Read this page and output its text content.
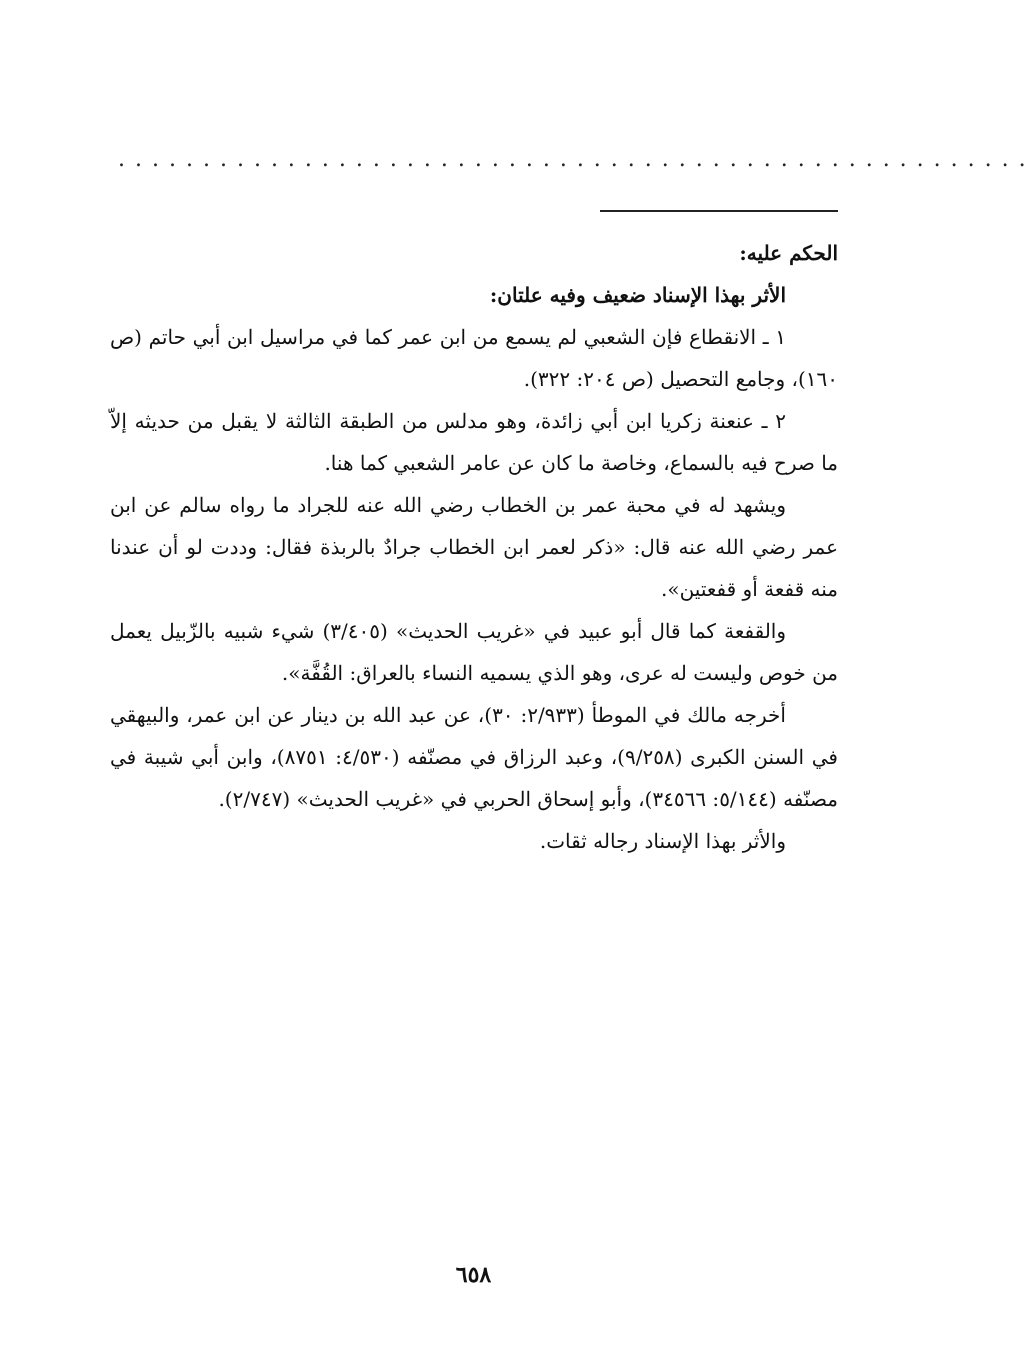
......................................................

الحكم عليه:

الأثر بهذا الإسناد ضعيف وفيه علتان:

١ ـ الانقطاع فإن الشعبي لم يسمع من ابن عمر كما في مراسيل ابن أبي حاتم (ص ١٦٠)، وجامع التحصيل (ص ٢٠٤: ٣٢٢).

٢ ـ عنعنة زكريا ابن أبي زائدة، وهو مدلس من الطبقة الثالثة لا يقبل من حديثه إلاّ ما صرح فيه بالسماع، وخاصة ما كان عن عامر الشعبي كما هنا.

ويشهد له في محبة عمر بن الخطاب رضي الله عنه للجراد ما رواه سالم عن ابن عمر رضي الله عنه قال: «ذكر لعمر ابن الخطاب جرادٌ بالربذة فقال: وددت لو أن عندنا منه قفعة أو قفعتين».

والقفعة كما قال أبو عبيد في «غريب الحديث» (٣/٤٠٥) شيء شبيه بالزّبيل يعمل من خوص وليست له عرى، وهو الذي يسميه النساء بالعراق: القُفَّة».

أخرجه مالك في الموطأ (٢/٩٣٣: ٣٠)، عن عبد الله بن دينار عن ابن عمر، والبيهقي في السنن الكبرى (٩/٢٥٨)، وعبد الرزاق في مصنّفه (٤/٥٣٠: ٨٧٥١)، وابن أبي شيبة في مصنّفه (٥/١٤٤: ٣٤٥٦٦)، وأبو إسحاق الحربي في «غريب الحديث» (٢/٧٤٧).

والأثر بهذا الإسناد رجاله ثقات.

٦٥٨
